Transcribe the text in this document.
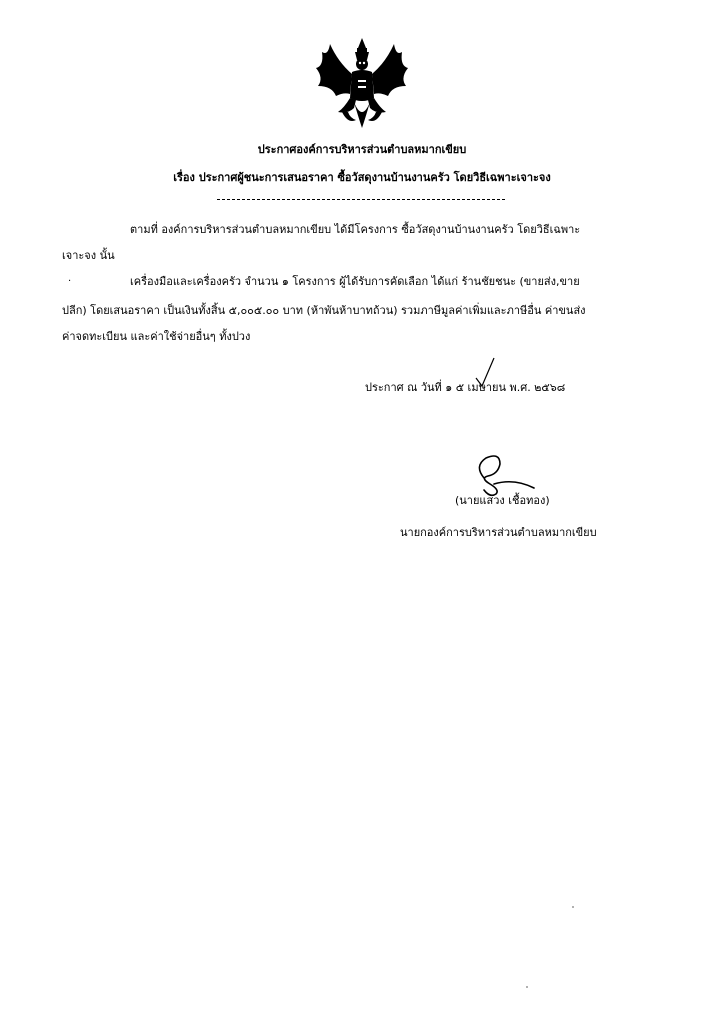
ประกาศองค์การบริหารส่วนตำบลหมากเขียบ
เรื่อง ประกาศผู้ชนะการเสนอราคา ซื้อวัสดุงานบ้านงานครัว โดยวิธีเฉพาะเจาะจง
ตามที่ องค์การบริหารส่วนตำบลหมากเขียบ ได้มีโครงการ ซื้อวัสดุงานบ้านงานครัว โดยวิธีเฉพาะ
เจาะจง นั้น
·	เครื่องมือและเครื่องครัว จำนวน ๑ โครงการ ผู้ได้รับการคัดเลือก ได้แก่ ร้านชัยชนะ (ขายส่ง,ขาย
ปลีก) โดยเสนอราคา เป็นเงินทั้งสิ้น ๕,๐๐๕.๐๐ บาท (ห้าพันห้าบาทถ้วน) รวมภาษีมูลค่าเพิ่มและภาษีอื่น ค่าขนส่ง
ค่าจดทะเบียน และค่าใช้จ่ายอื่นๆ ทั้งปวง
ประกาศ ณ วันที่ ๑ ๕ เมษายน พ.ศ. ๒๕๖๘
(นายแสวง เชื้อทอง)
นายกองค์การบริหารส่วนตำบลหมากเขียบ
